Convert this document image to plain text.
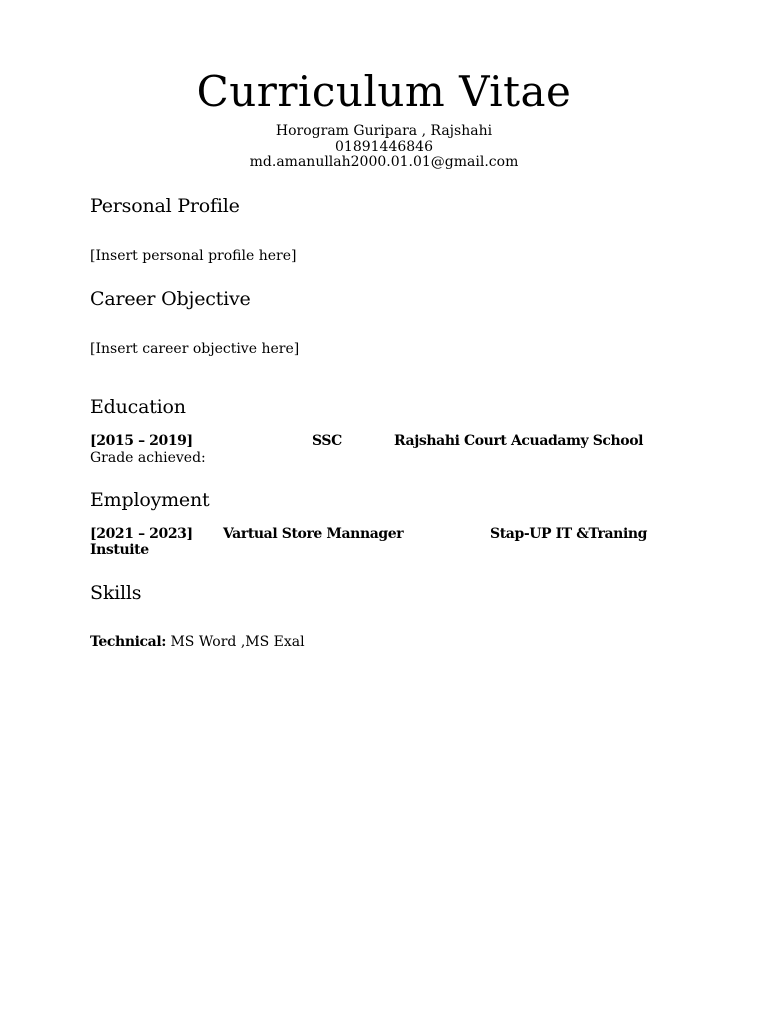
Curriculum Vitae
Horogram Guripara , Rajshahi
01891446846
md.amanullah2000.01.01@gmail.com
Personal Profile
[Insert personal profile here]
Career Objective
[Insert career objective here]
Education
[2015 – 2019]	SSC	Rajshahi Court Acuadamy School
Grade achieved:
Employment
[2021 – 2023] Vartual Store Mannager	Stap-UP IT &Traning
Instuite
Skills
Technical: MS Word ,MS Exal
